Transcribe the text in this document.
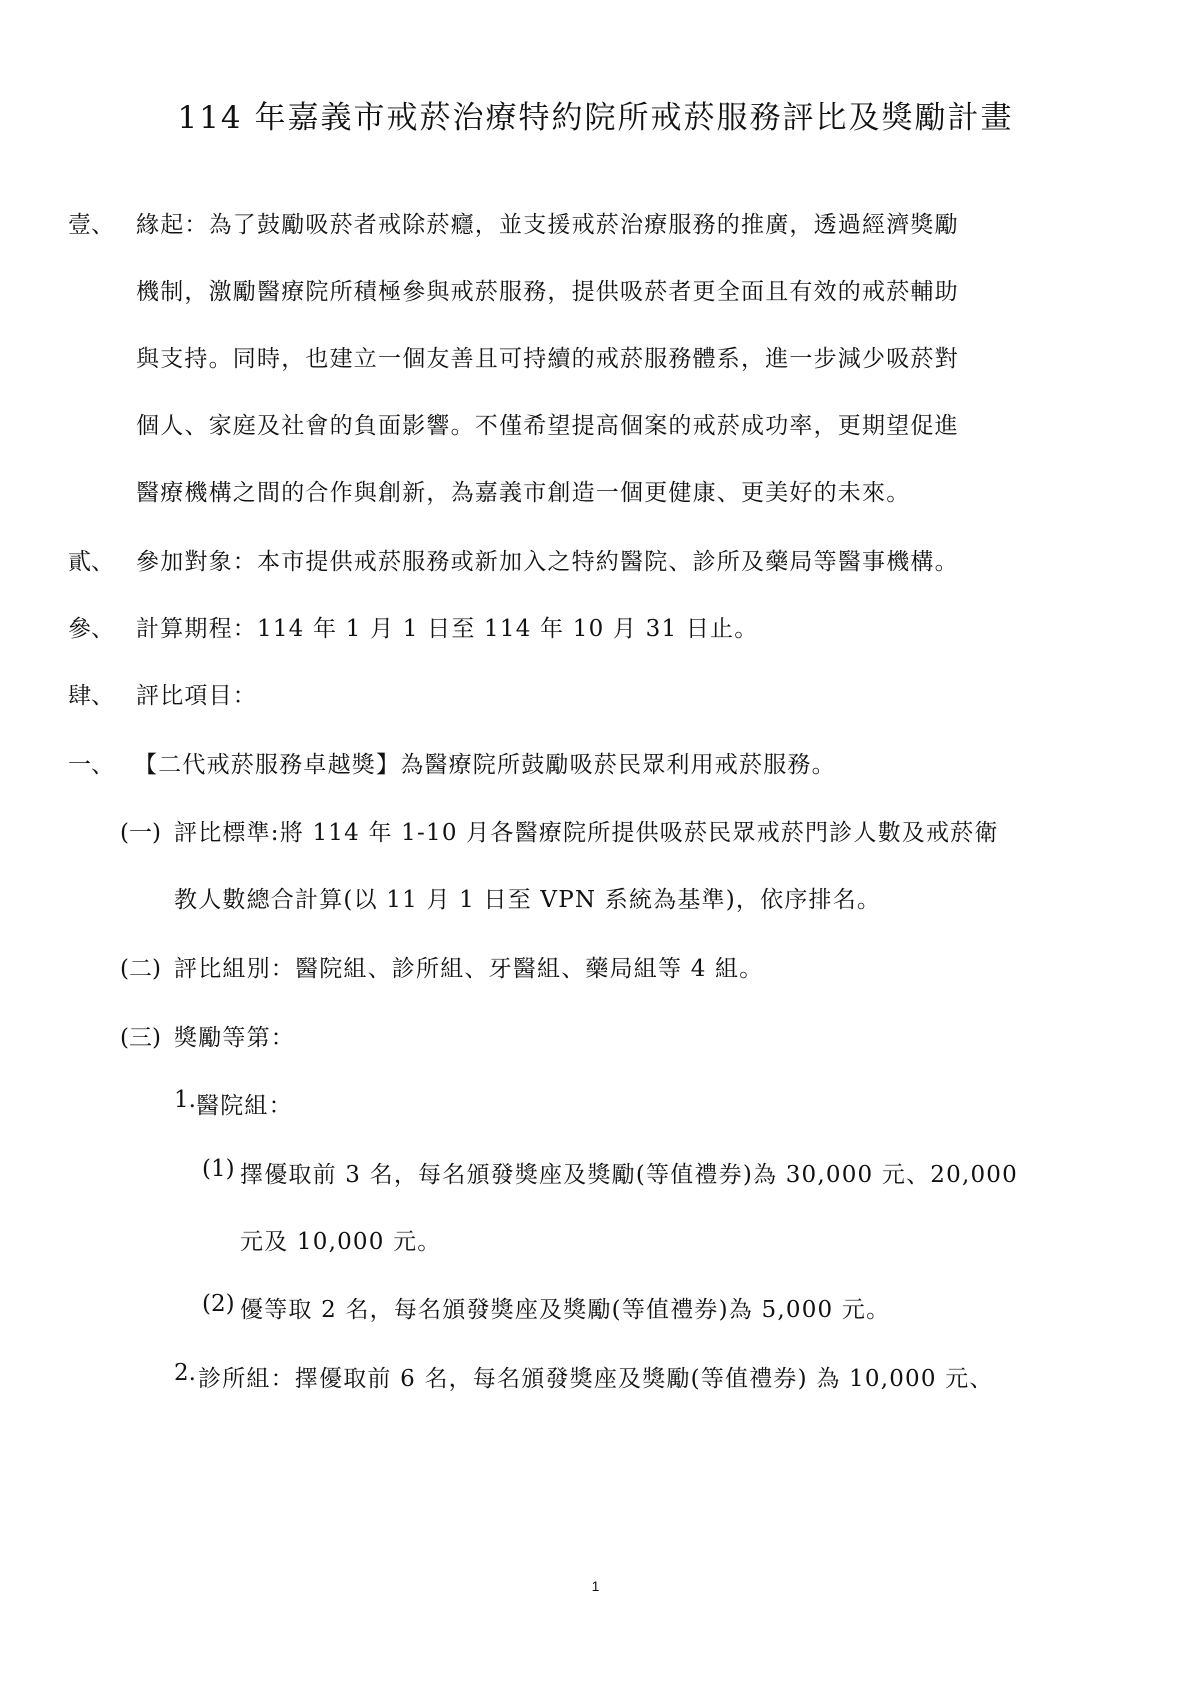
114 年嘉義市戒菸治療特約院所戒菸服務評比及獎勵計畫
壹、 緣起：為了鼓勵吸菸者戒除菸癮，並支援戒菸治療服務的推廣，透過經濟獎勵
機制，激勵醫療院所積極參與戒菸服務，提供吸菸者更全面且有效的戒菸輔助
與支持。同時，也建立一個友善且可持續的戒菸服務體系，進一步減少吸菸對
個人、家庭及社會的負面影響。不僅希望提高個案的戒菸成功率，更期望促進
醫療機構之間的合作與創新，為嘉義市創造一個更健康、更美好的未來。
貳、 參加對象：本市提供戒菸服務或新加入之特約醫院、診所及藥局等醫事機構。
參、 計算期程：114 年 1 月 1 日至 114 年 10 月 31 日止。
肆、 評比項目：
一、 【二代戒菸服務卓越獎】為醫療院所鼓勵吸菸民眾利用戒菸服務。
(一) 評比標準:將 114 年 1-10 月各醫療院所提供吸菸民眾戒菸門診人數及戒菸衛
教人數總合計算(以 11 月 1 日至 VPN 系統為基準)，依序排名。
(二) 評比組別：醫院組、診所組、牙醫組、藥局組等 4 組。
(三) 獎勵等第：
1. 醫院組：
(1) 擇優取前 3 名，每名頒發獎座及獎勵(等值禮券)為 30,000 元、20,000
元及 10,000 元。
(2) 優等取 2 名，每名頒發獎座及獎勵(等值禮券)為 5,000 元。
2. 診所組：擇優取前 6 名，每名頒發獎座及獎勵(等值禮券) 為 10,000 元、
1
